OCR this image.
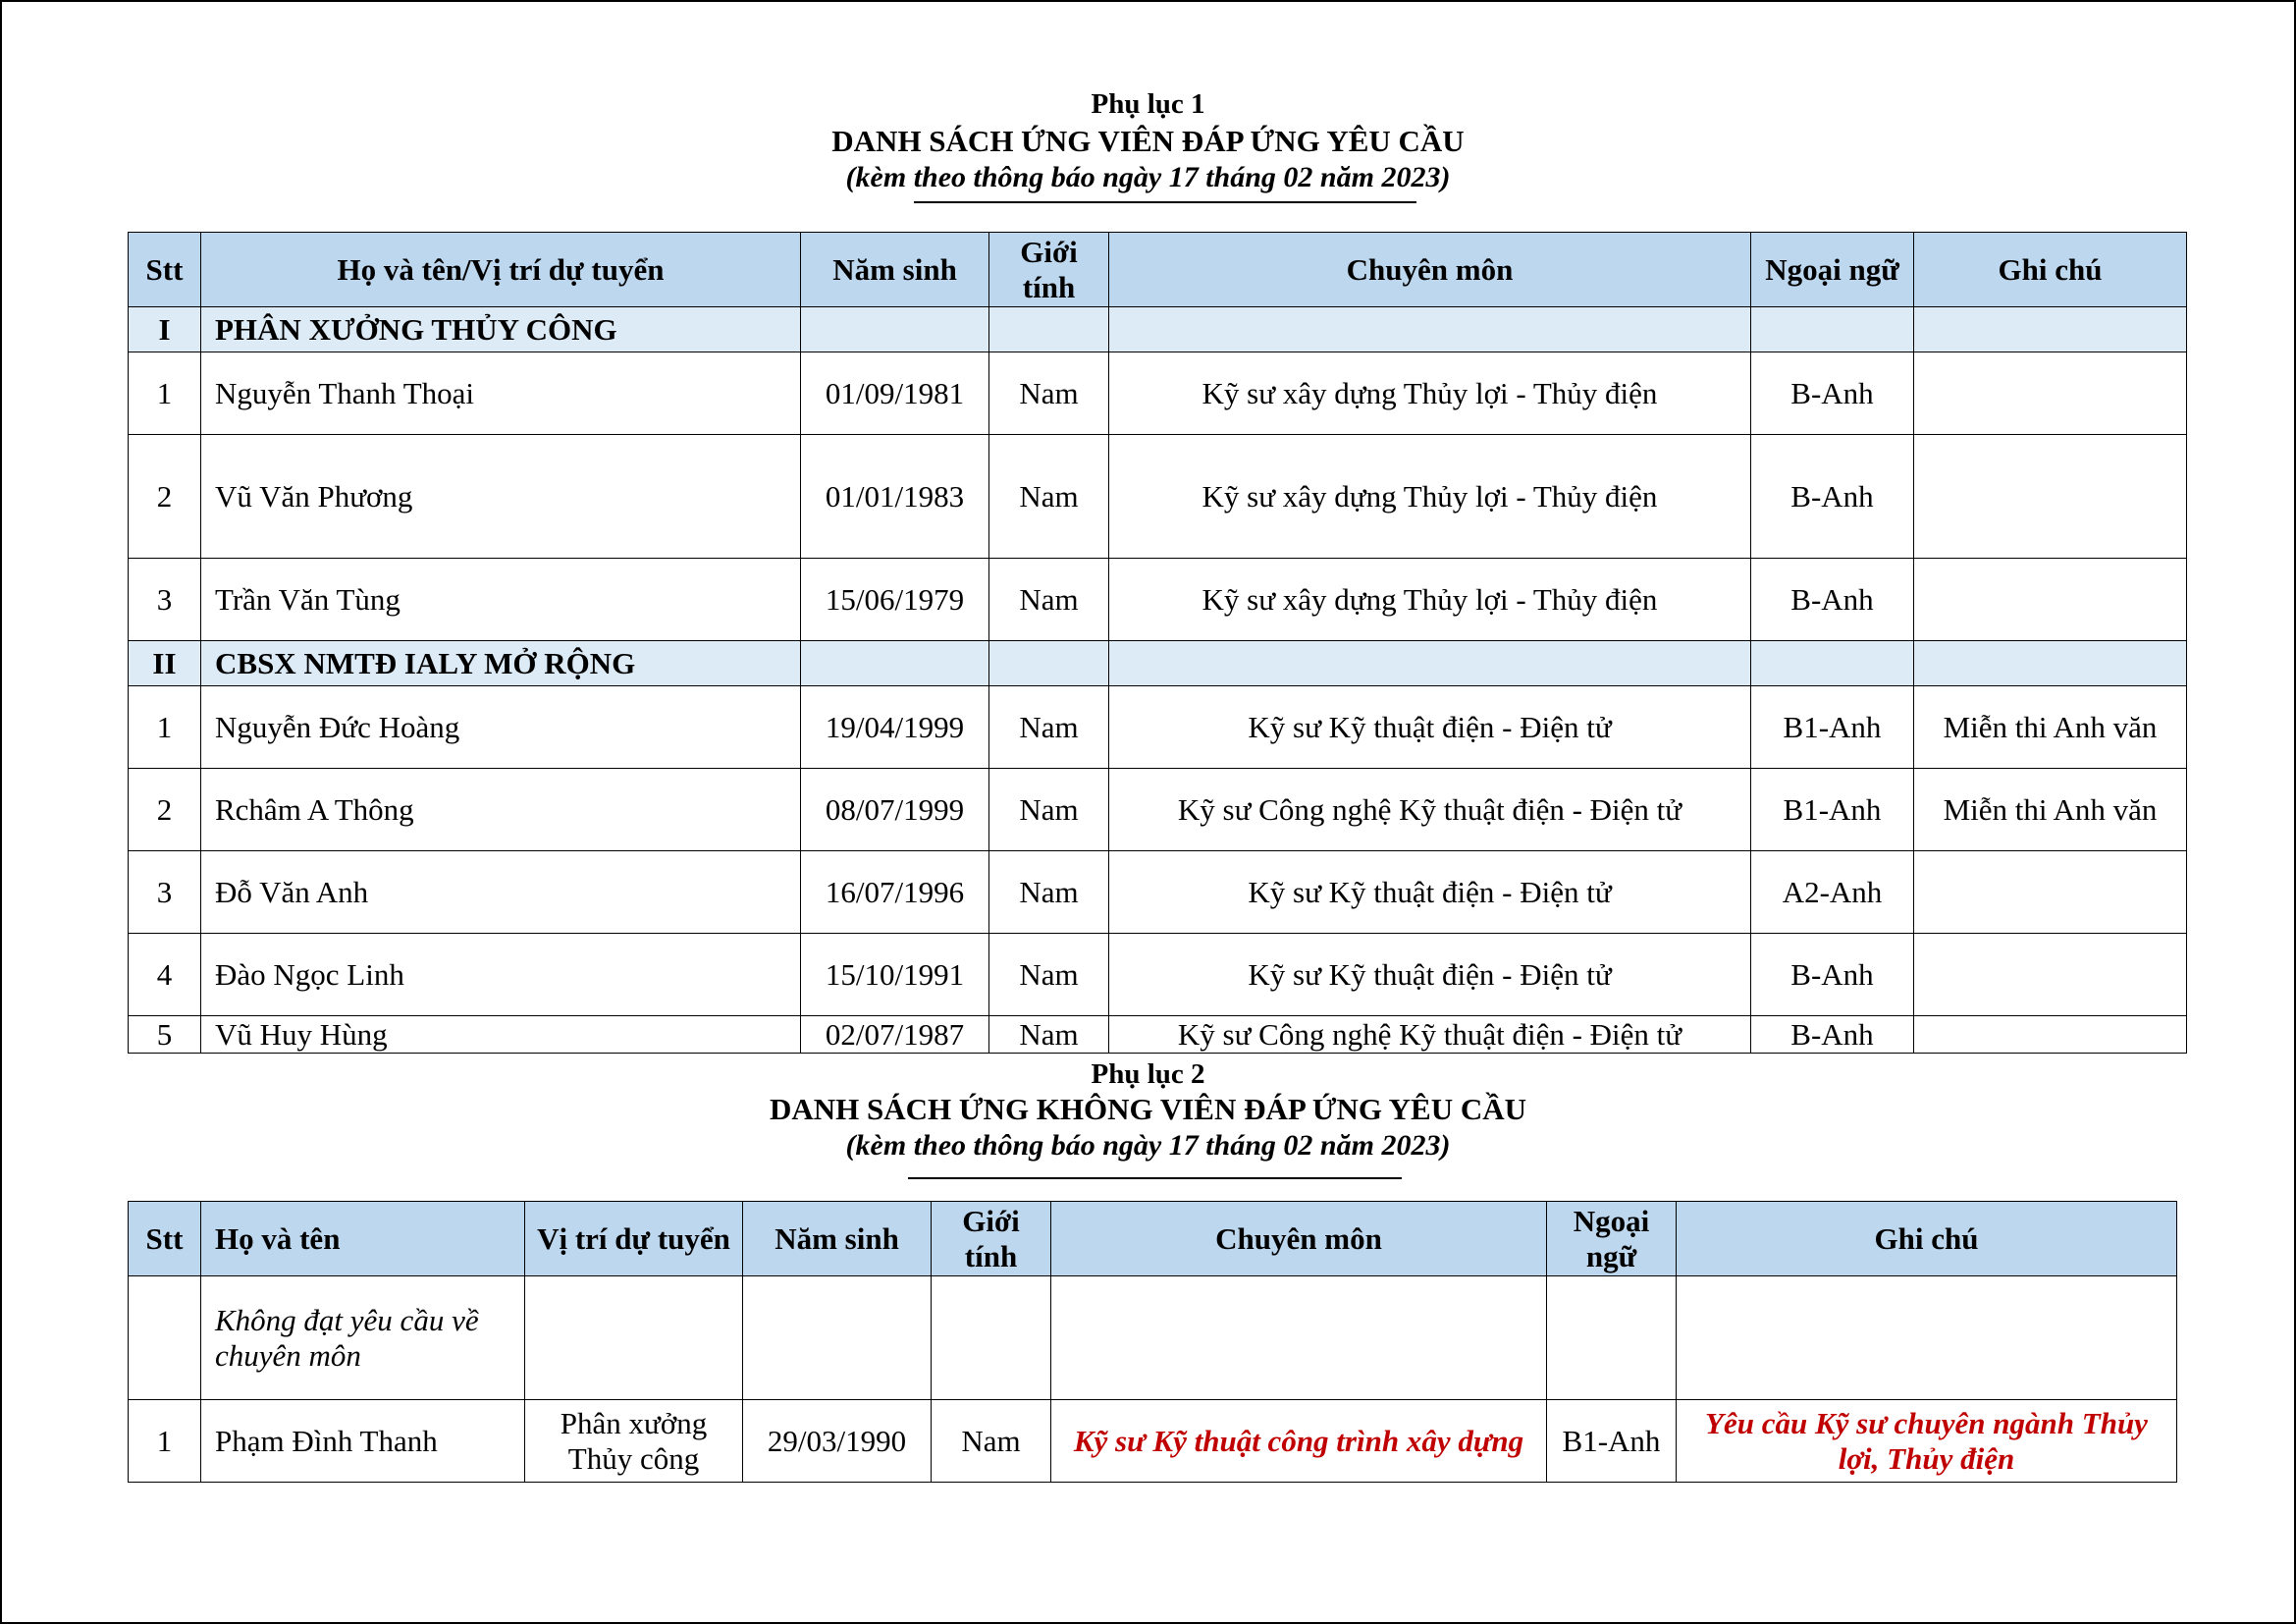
Phụ lục 1
DANH SÁCH ỨNG VIÊN ĐÁP ỨNG YÊU CẦU
(kèm theo thông báo ngày 17 tháng 02 năm 2023)
Stt	Họ và tên/Vị trí dự tuyển	Năm sinh	Giới tính	Chuyên môn	Ngoại ngữ	Ghi chú
I	PHÂN XƯỞNG THỦY CÔNG					
1	Nguyễn Thanh Thoại	01/09/1981	Nam	Kỹ sư xây dựng Thủy lợi - Thủy điện	B-Anh	
2	Vũ Văn Phương	01/01/1983	Nam	Kỹ sư xây dựng Thủy lợi - Thủy điện	B-Anh	
3	Trần Văn Tùng	15/06/1979	Nam	Kỹ sư xây dựng Thủy lợi - Thủy điện	B-Anh	
II	CBSX NMTĐ IALY MỞ RỘNG					
1	Nguyễn Đức Hoàng	19/04/1999	Nam	Kỹ sư Kỹ thuật điện - Điện tử	B1-Anh	Miễn thi Anh văn
2	Rchâm A Thông	08/07/1999	Nam	Kỹ sư Công nghệ Kỹ thuật điện - Điện tử	B1-Anh	Miễn thi Anh văn
3	Đỗ Văn Anh	16/07/1996	Nam	Kỹ sư Kỹ thuật điện - Điện tử	A2-Anh	
4	Đào Ngọc Linh	15/10/1991	Nam	Kỹ sư Kỹ thuật điện - Điện tử	B-Anh	
5	Vũ Huy Hùng	02/07/1987	Nam	Kỹ sư Công nghệ Kỹ thuật điện - Điện tử	B-Anh	
Phụ lục 2
DANH SÁCH ỨNG KHÔNG VIÊN ĐÁP ỨNG YÊU CẦU
(kèm theo thông báo ngày 17 tháng 02 năm 2023)
Stt	Họ và tên	Vị trí dự tuyển	Năm sinh	Giới tính	Chuyên môn	Ngoại ngữ	Ghi chú
	Không đạt yêu cầu về chuyên môn						
1	Phạm Đình Thanh	Phân xưởng Thủy công	29/03/1990	Nam	Kỹ sư Kỹ thuật công trình xây dựng	B1-Anh	Yêu cầu Kỹ sư chuyên ngành Thủy lợi, Thủy điện
